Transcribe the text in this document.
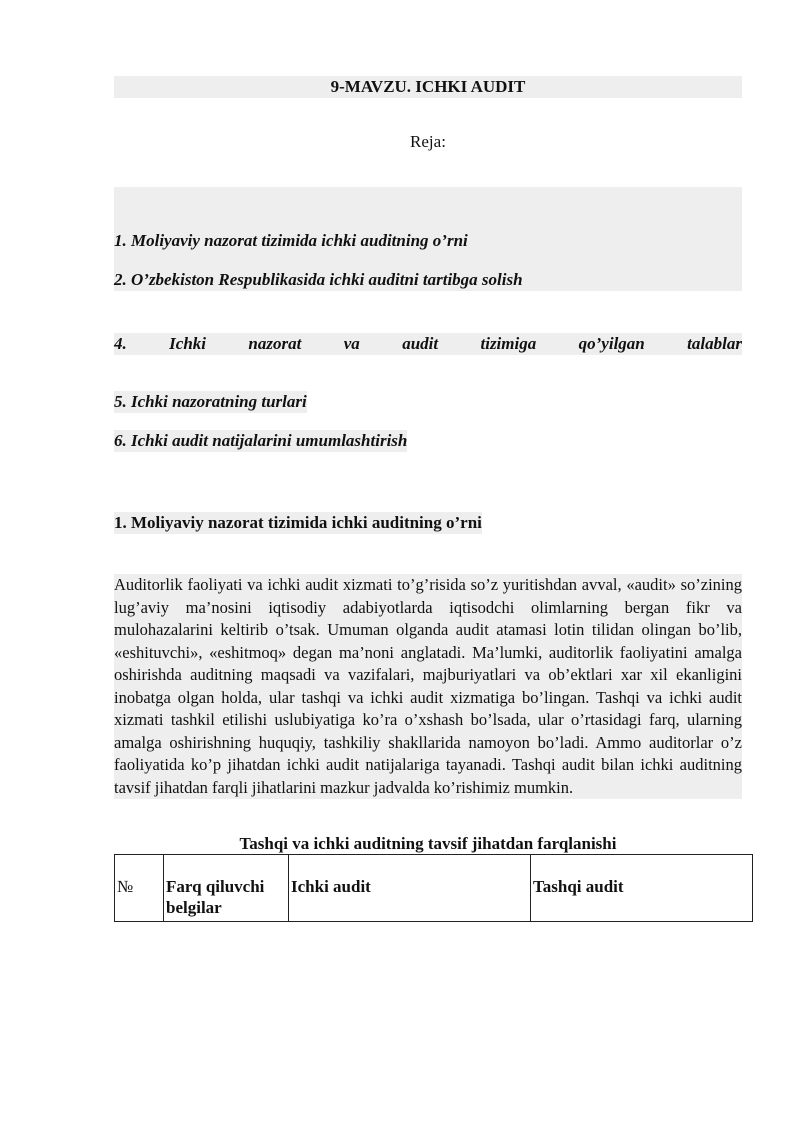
9-MAVZU. ICHKI AUDIT
Reja:
1. Moliyaviy nazorat tizimida ichki auditning o’rni
2. O’zbekiston Respublikasida ichki auditni tartibga solish
4. Ichki nazorat va audit tizimiga qo’yilgan talablar
5. Ichki nazoratning turlari
6. Ichki audit natijalarini umumlashtirish
1. Moliyaviy nazorat tizimida ichki auditning o’rni
Auditorlik faoliyati va ichki audit xizmati to’g’risida so’z yuritishdan avval, «audit» so’zining lug’aviy ma’nosini iqtisodiy adabiyotlarda iqtisodchi olimlarning bergan fikr va mulohazalarini keltirib o’tsak. Umuman olganda audit atamasi lotin tilidan olingan bo’lib, «eshituvchi», «eshitmoq» degan ma’noni anglatadi. Ma’lumki, auditorlik faoliyatini amalga oshirishda auditning maqsadi va vazifalari, majburiyatlari va ob’ektlari xar xil ekanligini inobatga olgan holda, ular tashqi va ichki audit xizmatiga bo’lingan. Tashqi va ichki audit xizmati tashkil etilishi uslubiyatiga ko’ra o’xshash bo’lsada, ular o’rtasidagi farq, ularning amalga oshirishning huquqiy, tashkiliy shakllarida namoyon bo’ladi. Ammo auditorlar o’z faoliyatida ko’p jihatdan ichki audit natijalariga tayanadi. Tashqi audit bilan ichki auditning tavsif jihatdan farqli jihatlarini mazkur jadvalda ko’rishimiz mumkin.
Tashqi va ichki auditning tavsif jihatdan farqlanishi
№	Farq qiluvchi belgilar	Ichki audit	Tashqi audit
